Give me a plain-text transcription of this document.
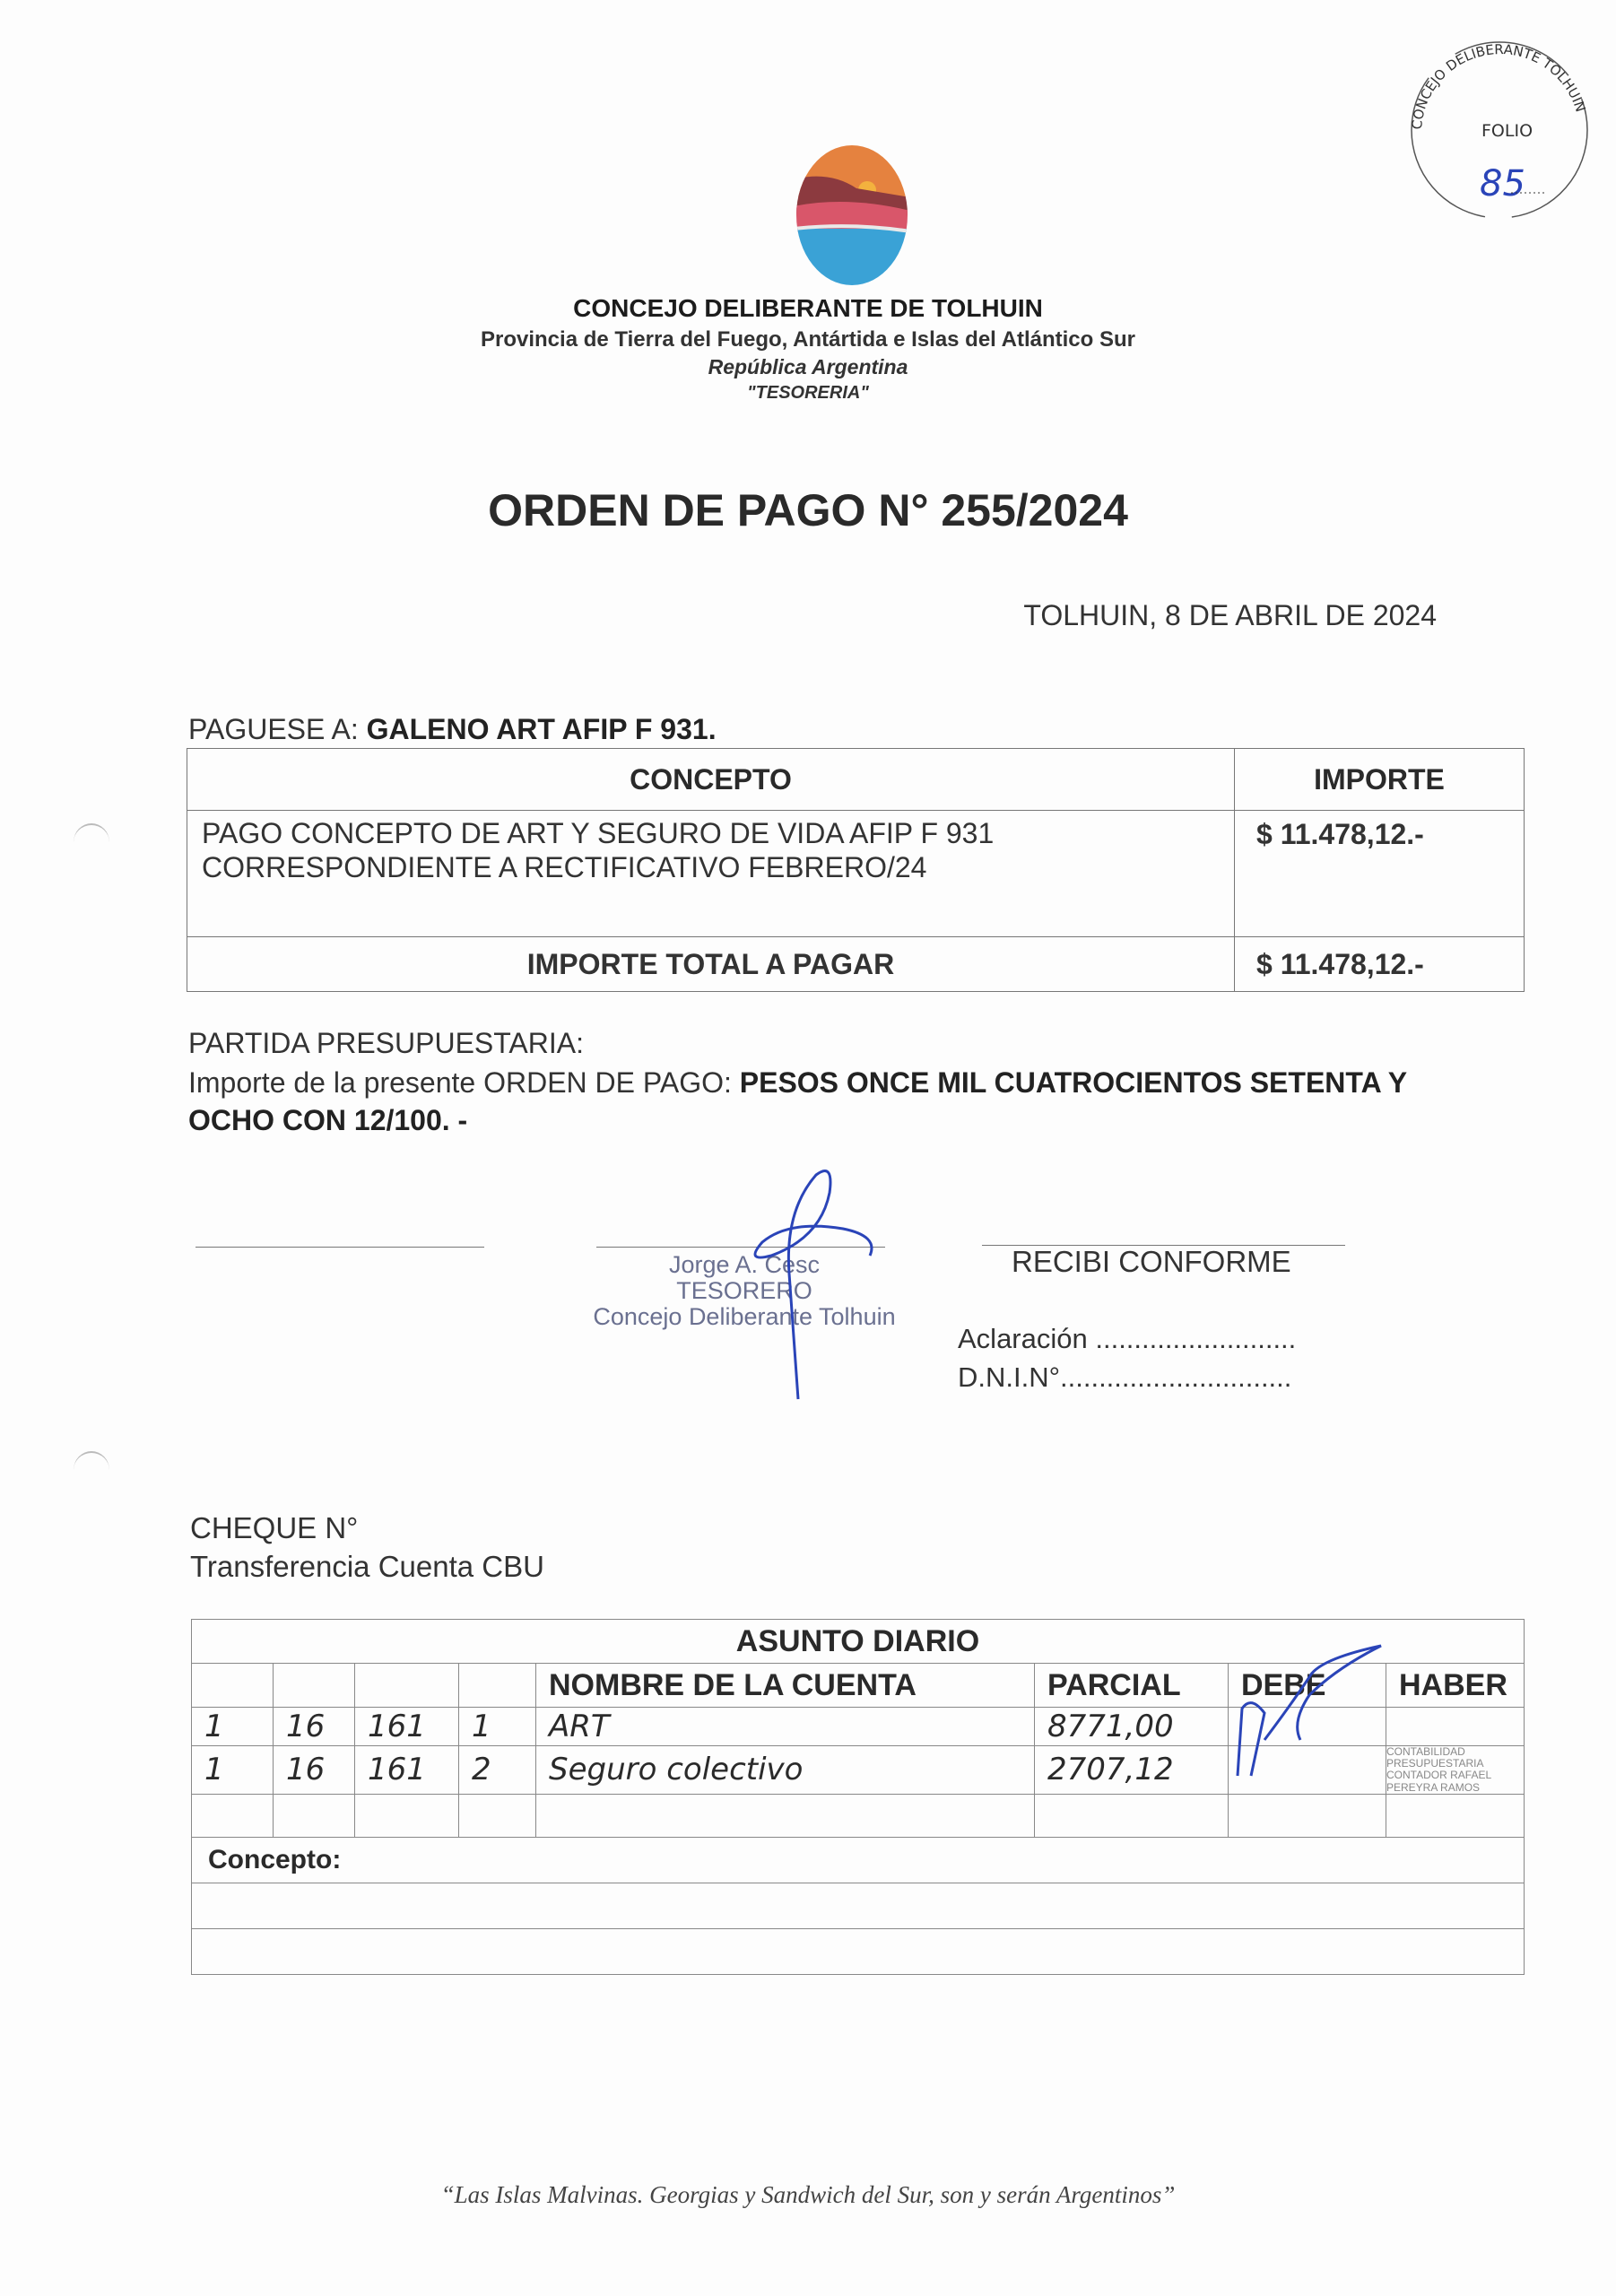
CONCEJO DELIBERANTE TOLHUIN
FOLIO
85
CONCEJO DELIBERANTE DE TOLHUIN
Provincia de Tierra del Fuego, Antártida e Islas del Atlántico Sur
República Argentina
"TESORERIA"
ORDEN DE PAGO N° 255/2024
TOLHUIN, 8 DE ABRIL DE 2024
PAGUESE A: GALENO ART AFIP F 931.
CONCEPTO	IMPORTE

PAGO CONCEPTO DE ART Y SEGURO DE VIDA AFIP F 931
CORRESPONDIENTE A RECTIFICATIVO FEBRERO/24	$ 11.478,12.-
IMPORTE TOTAL A PAGAR	$ 11.478,12.-
PARTIDA PRESUPUESTARIA:
Importe de la presente ORDEN DE PAGO: PESOS ONCE MIL CUATROCIENTOS SETENTA Y OCHO CON 12/100. -
Jorge A. Cesc
TESORERO
Concejo Deliberante Tolhuin
RECIBI CONFORME
Aclaración ..........................
D.N.I.N°..............................
CHEQUE N°
Transferencia Cuenta CBU
ASUNTO DIARIO							
				NOMBRE DE LA CUENTA	PARCIAL	DEBE	HABER
1	16	161	1	ART	8771,00		
1	16	161	2	Seguro colectivo	2707,12		CONTABILIDAD PRESUPUESTARIA CONTADOR RAFAEL PEREYRA RAMOS

Concepto:							

“Las Islas Malvinas. Georgias y Sandwich del Sur, son y serán Argentinos”
